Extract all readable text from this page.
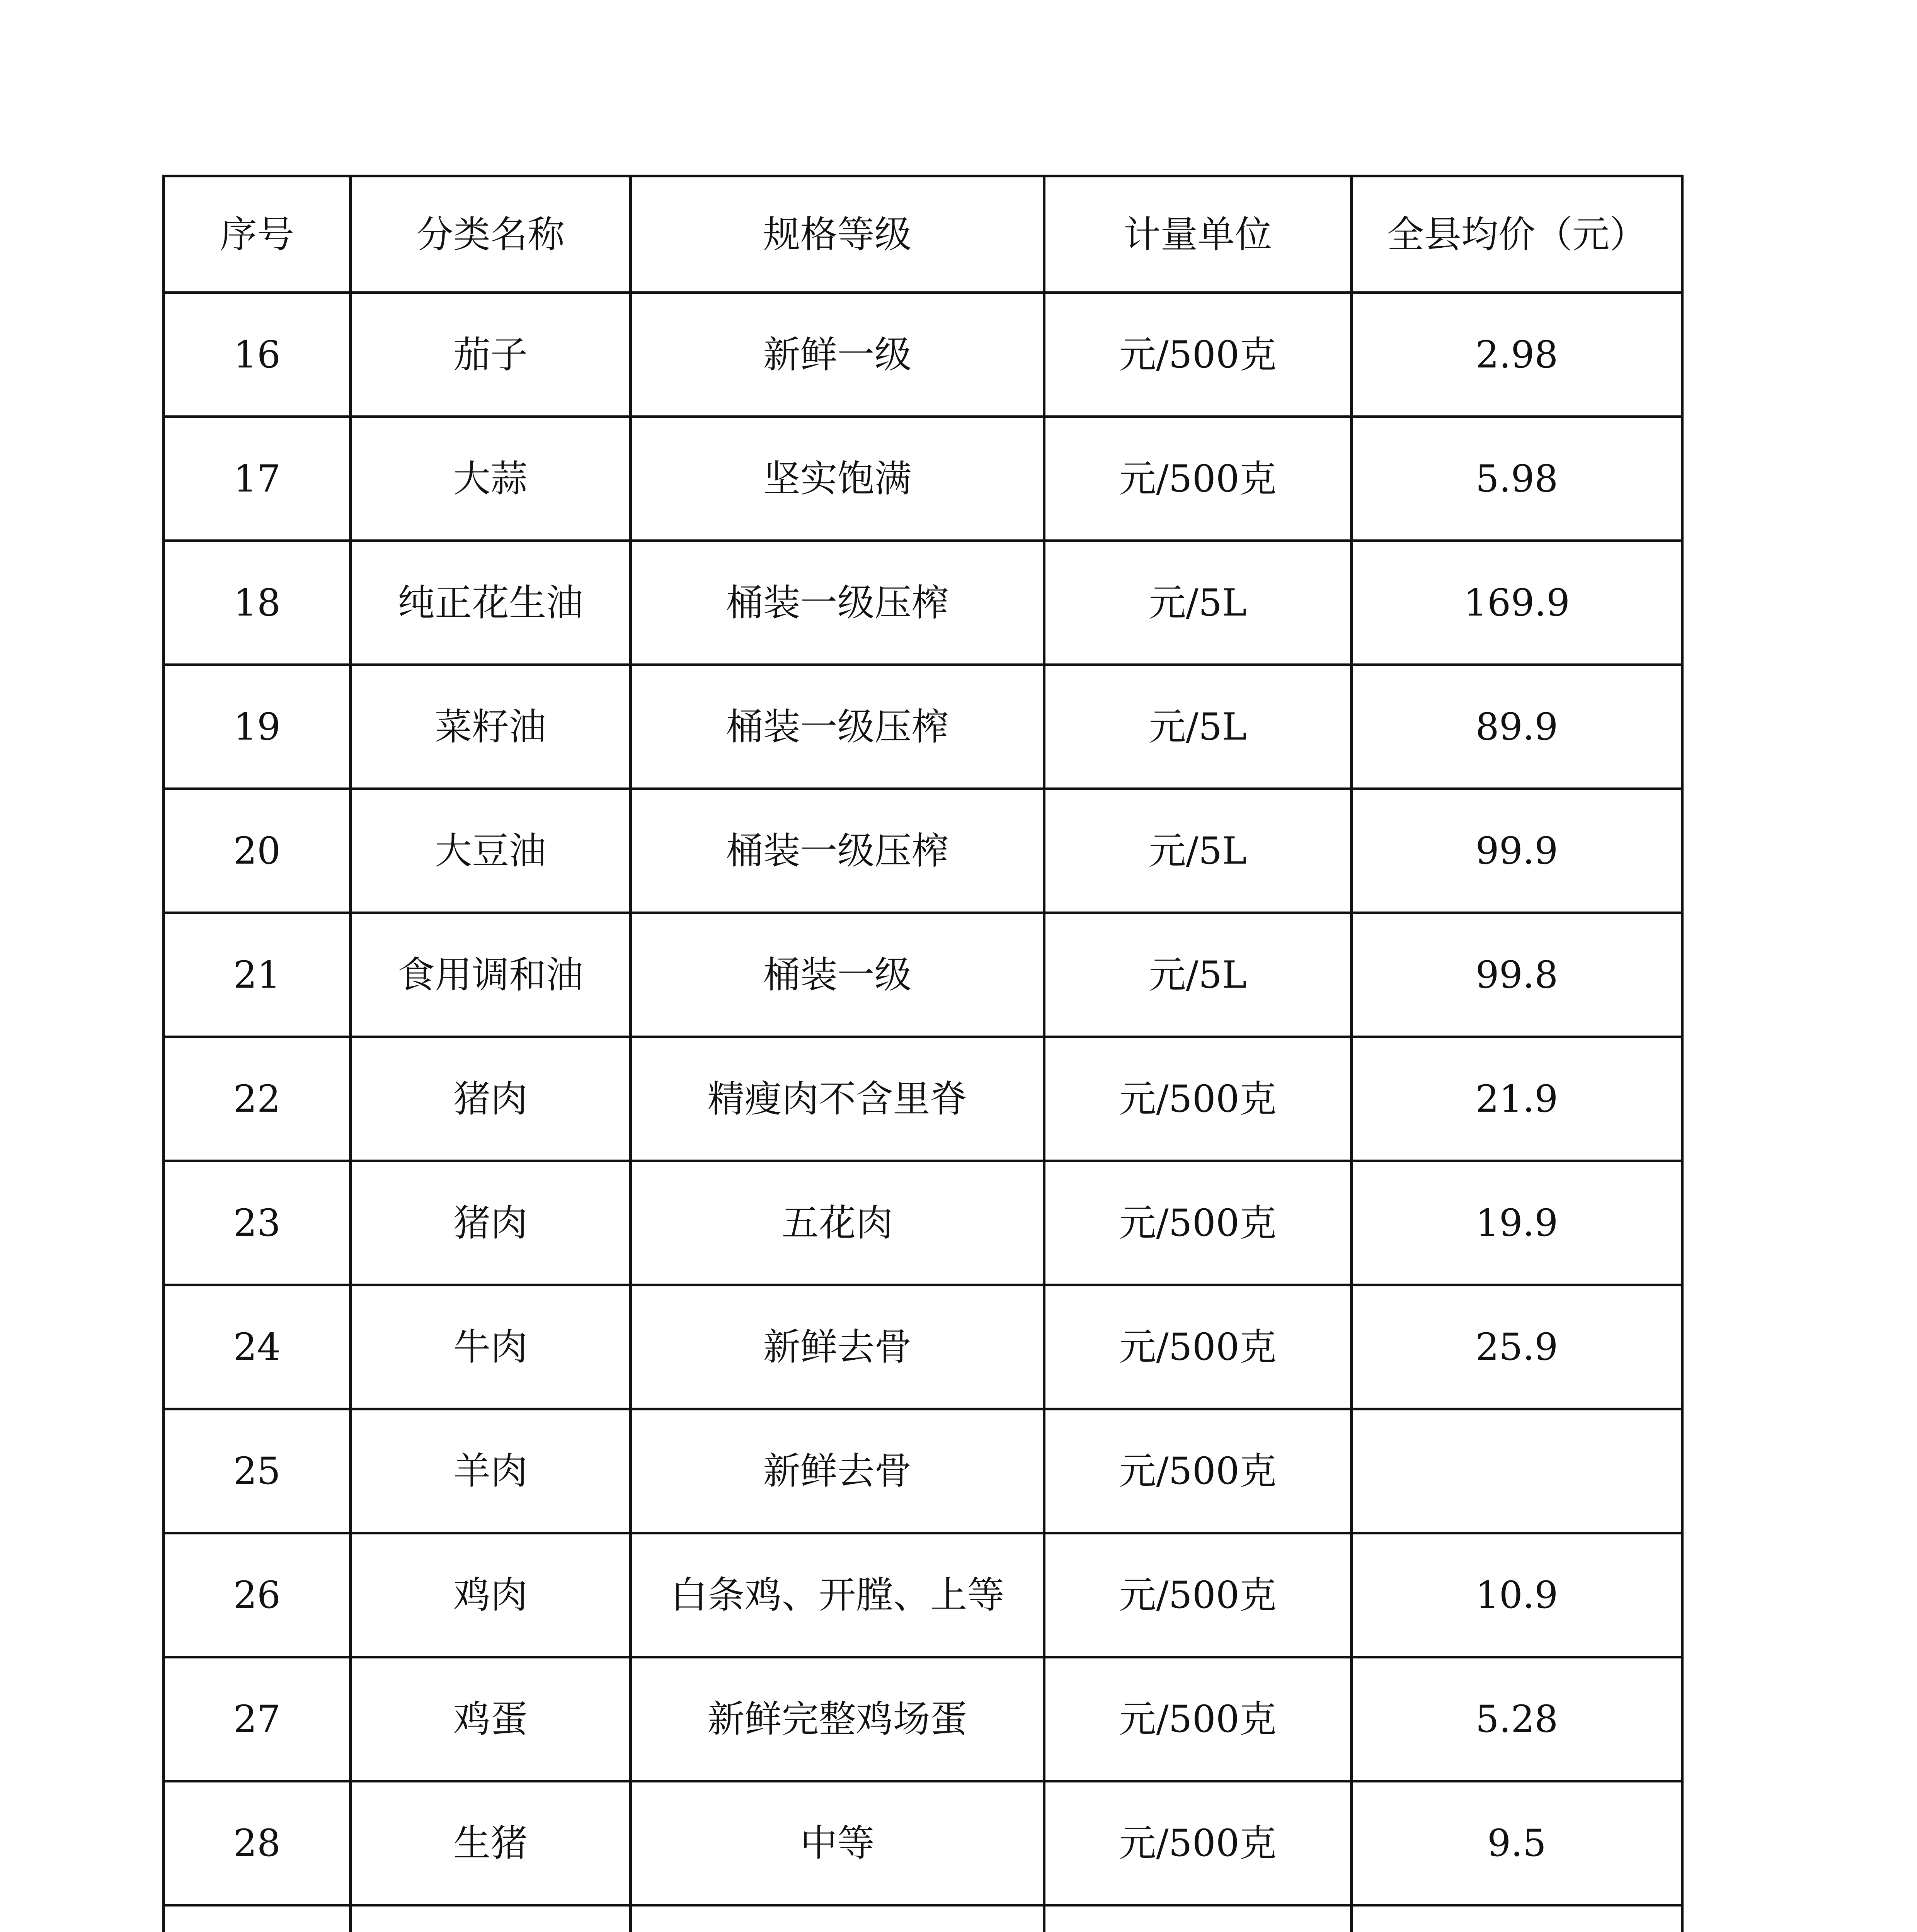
序号	分类名称	规格等级	计量单位	全县均价（元）
16	茄子	新鲜一级	元/500克	2.98
17	大蒜	坚实饱满	元/500克	5.98
18	纯正花生油	桶装一级压榨	元/5L	169.9
19	菜籽油	桶装一级压榨	元/5L	89.9
20	大豆油	桶装一级压榨	元/5L	99.9
21	食用调和油	桶装一级	元/5L	99.8
22	猪肉	精瘦肉不含里脊	元/500克	21.9
23	猪肉	五花肉	元/500克	19.9
24	牛肉	新鲜去骨	元/500克	25.9
25	羊肉	新鲜去骨	元/500克	
26	鸡肉	白条鸡、开膛、上等	元/500克	10.9
27	鸡蛋	新鲜完整鸡场蛋	元/500克	5.28
28	生猪	中等	元/500克	9.5
